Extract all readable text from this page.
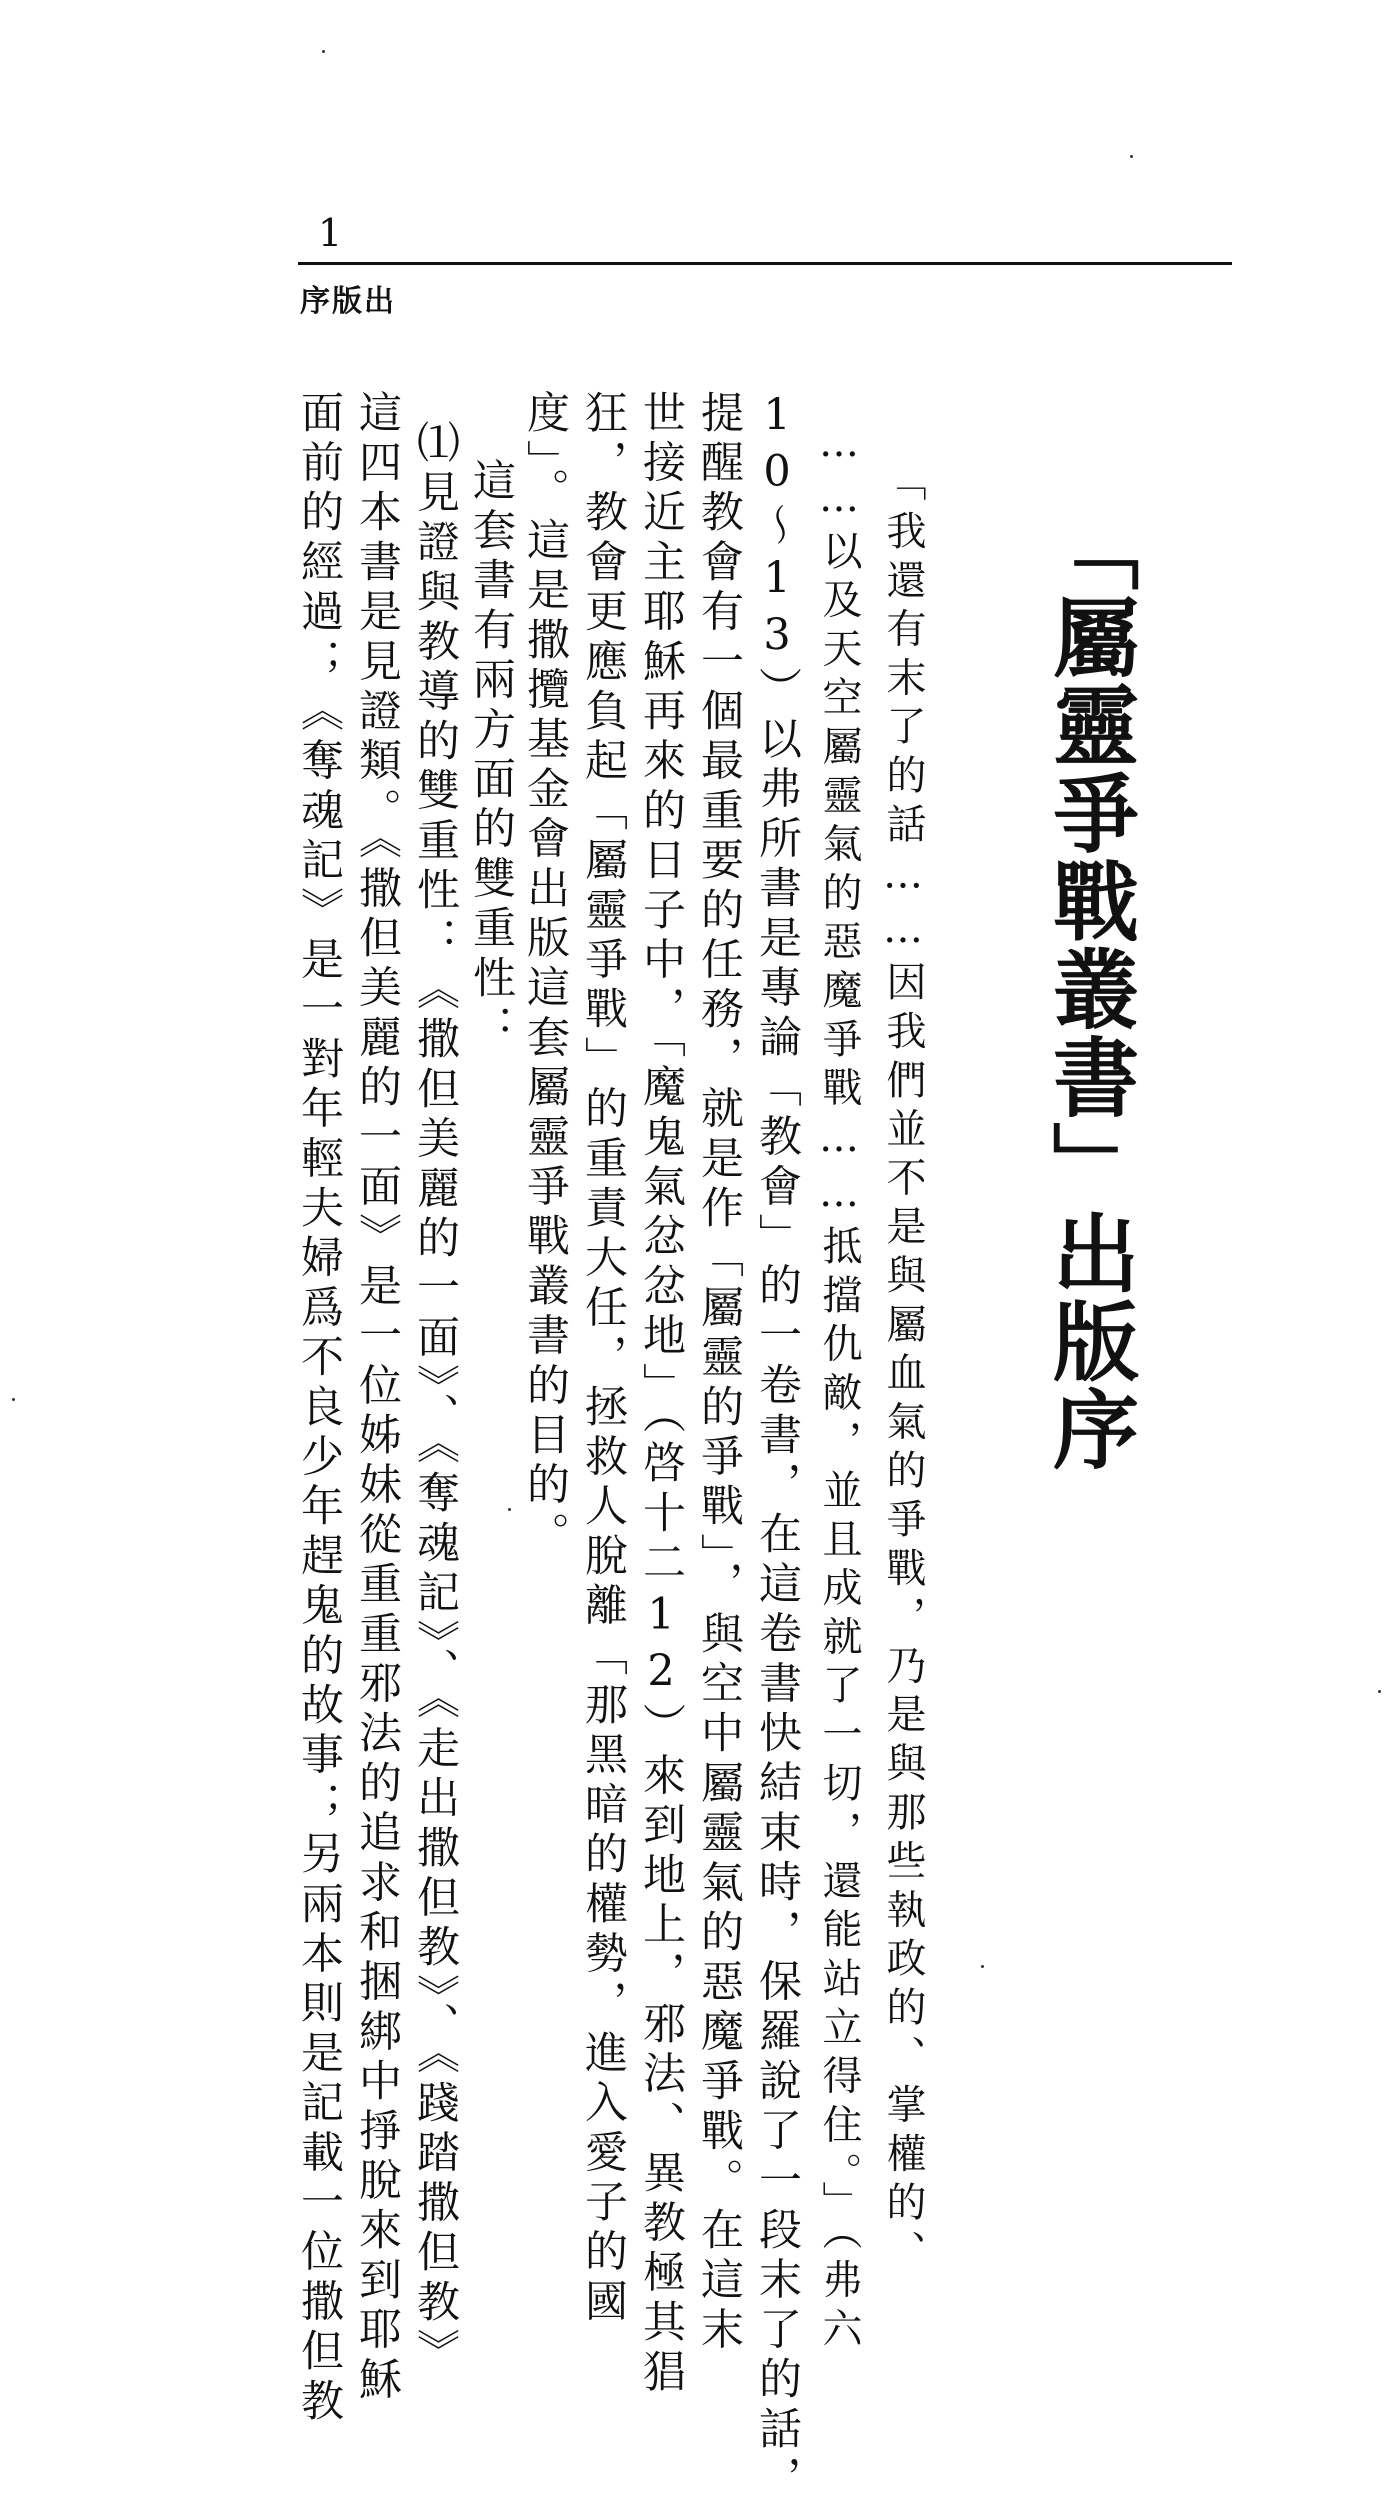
1
序版出
「屬靈爭戰叢書」出版序
「我還有末了的話……因我們並不是與屬血氣的爭戰，乃是與那些執政的、掌權的、
……以及天空屬靈氣的惡魔爭戰……抵擋仇敵，並且成就了一切，還能站立得住。」（弗六
10～13）以弗所書是專論「教會」的一卷書，在這卷書快結束時，保羅說了一段末了的話，
提醒教會有一個最重要的任務，就是作「屬靈的爭戰」，與空中屬靈氣的惡魔爭戰。在這末
世接近主耶穌再來的日子中，「魔鬼氣忿忿地」（啓十二12）來到地上，邪法、異教極其猖
狂，教會更應負起「屬靈爭戰」的重責大任，拯救人脫離「那黑暗的權勢，進入愛子的國
度」。這是撒攬基金會出版這套屬靈爭戰叢書的目的。
這套書有兩方面的雙重性：
⑴見證與教導的雙重性：《撒但美麗的一面》、《奪魂記》、《走出撒但教》、《踐踏撒但教》
這四本書是見證類。《撒但美麗的一面》是一位姊妹從重重邪法的追求和捆綁中掙脫來到耶穌
面前的經過；《奪魂記》是一對年輕夫婦爲不良少年趕鬼的故事；另兩本則是記載一位撒但教
